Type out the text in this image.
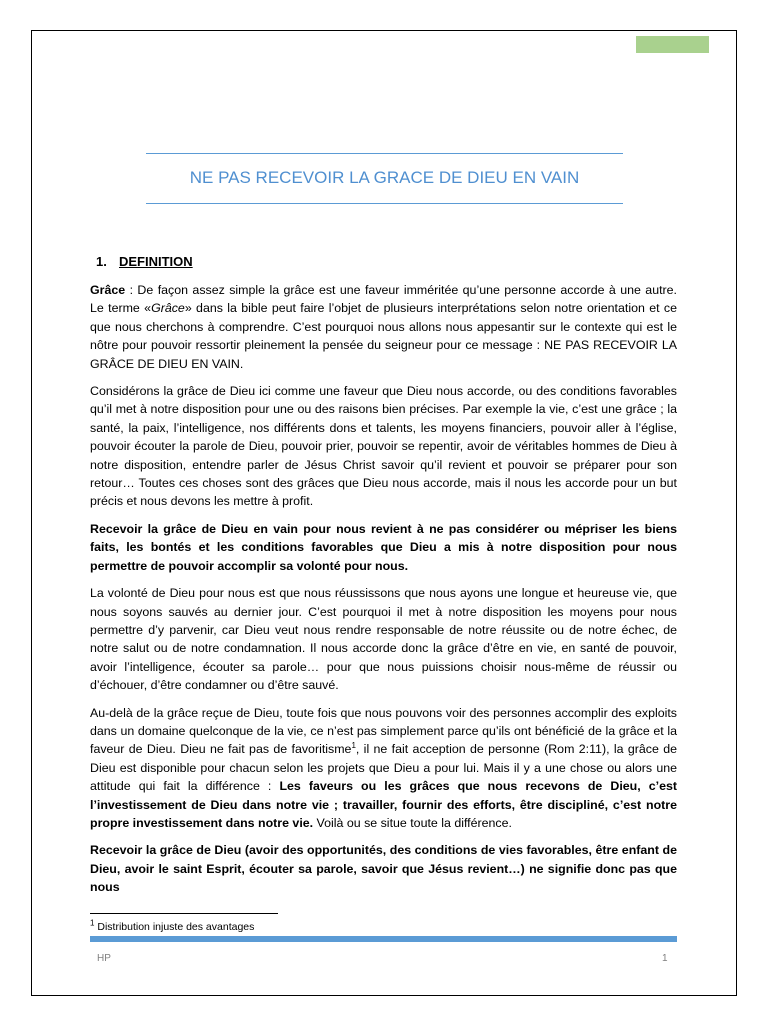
NE PAS RECEVOIR LA GRACE DE DIEU EN VAIN
1. DEFINITION

Grâce : De façon assez simple la grâce est une faveur imméritée qu’une personne accorde à une autre. Le terme «Grâce» dans la bible peut faire l’objet de plusieurs interprétations selon notre orientation et ce que nous cherchons à comprendre. C’est pourquoi nous allons nous appesantir sur le contexte qui est le nôtre pour pouvoir ressortir pleinement la pensée du seigneur pour ce message : NE PAS RECEVOIR LA GRÂCE DE DIEU EN VAIN.

Considérons la grâce de Dieu ici comme une faveur que Dieu nous accorde, ou des conditions favorables qu’il met à notre disposition pour une ou des raisons bien précises. Par exemple la vie, c’est une grâce ; la santé, la paix, l’intelligence, nos différents dons et talents, les moyens financiers, pouvoir aller à l’église, pouvoir écouter la parole de Dieu, pouvoir prier, pouvoir se repentir, avoir de véritables hommes de Dieu à notre disposition, entendre parler de Jésus Christ savoir qu’il revient et pouvoir se préparer pour son retour… Toutes ces choses sont des grâces que Dieu nous accorde, mais il nous les accorde pour un but précis et nous devons les mettre à profit.

Recevoir la grâce de Dieu en vain pour nous revient à ne pas considérer ou mépriser les biens faits, les bontés et les conditions favorables que Dieu a mis à notre disposition pour nous permettre de pouvoir accomplir sa volonté pour nous.

La volonté de Dieu pour nous est que nous réussissons que nous ayons une longue et heureuse vie, que nous soyons sauvés au dernier jour. C’est pourquoi il met à notre disposition les moyens pour nous permettre d’y parvenir, car Dieu veut nous rendre responsable de notre réussite ou de notre échec, de notre salut ou de notre condamnation. Il nous accorde donc la grâce d’être en vie, en santé de pouvoir, avoir l’intelligence, écouter sa parole… pour que nous puissions choisir nous-même de réussir ou d’échouer, d’être condamner ou d’être sauvé.

Au-delà de la grâce reçue de Dieu, toute fois que nous pouvons voir des personnes accomplir des exploits dans un domaine quelconque de la vie, ce n’est pas simplement parce qu’ils ont bénéficié de la grâce et la faveur de Dieu. Dieu ne fait pas de favoritisme$^1$, il ne fait acception de personne (Rom 2:11), la grâce de Dieu est disponible pour chacun selon les projets que Dieu a pour lui. Mais il y a une chose ou alors une attitude qui fait la différence : Les faveurs ou les grâces que nous recevons de Dieu, c’est l’investissement de Dieu dans notre vie ; travailler, fournir des efforts, être discipliné, c’est notre propre investissement dans notre vie. Voilà ou se situe toute la différence.

Recevoir la grâce de Dieu (avoir des opportunités, des conditions de vies favorables, être enfant de Dieu, avoir le saint Esprit, écouter sa parole, savoir que Jésus revient…) ne signifie donc pas que nous

$^1$ Distribution injuste des avantages
HP	1
